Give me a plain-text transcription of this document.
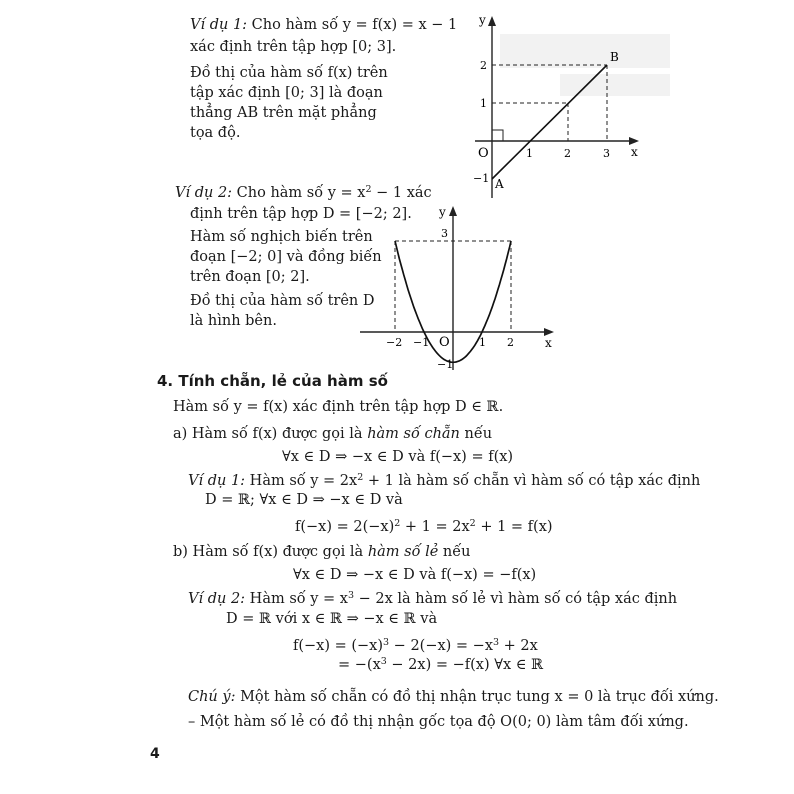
Ví dụ 1: Cho hàm số y = f(x) = x − 1
xác định trên tập hợp [0; 3].
Đồ thị của hàm số f(x) trên
tập xác định [0; 3] là đoạn
thẳng AB trên mặt phẳng
tọa độ.
y
x
O	1	2	3
2
1
−1 A
B
Ví dụ 2: Cho hàm số $y = x^2 - 1$ xác
định trên tập hợp D = [−2; 2].
Hàm số nghịch biến trên
đoạn [−2; 0] và đồng biến
trên đoạn [0; 2].
Đồ thị của hàm số trên D
là hình bên.
y
x
3
−2 −1 O	1 2
−1
4. Tính chẵn, lẻ của hàm số
Hàm số y = f(x) xác định trên tập hợp D ∈ ℝ.
a) Hàm số f(x) được gọi là hàm số chẵn nếu
∀x ∈ D ⇒ −x ∈ D và f(−x) = f(x)
Ví dụ 1: Hàm số $y = 2x^2 + 1$ là hàm số chẵn vì hàm số có tập xác định
D = ℝ; ∀x ∈ D ⇒ −x ∈ D và
$f(-x) = 2(-x)^2 + 1 = 2x^2 + 1 = f(x)$
b) Hàm số f(x) được gọi là hàm số lẻ nếu
∀x ∈ D ⇒ −x ∈ D và f(−x) = −f(x)
Ví dụ 2: Hàm số $y = x^3 - 2x$ là hàm số lẻ vì hàm số có tập xác định
D = ℝ với x ∈ ℝ ⇒ −x ∈ ℝ và
$f(-x) = (-x)^3 - 2(-x) = -x^3 + 2x$
= $-(x^3 - 2x) = -f(x)$ ∀x ∈ ℝ
Chú ý: Một hàm số chẵn có đồ thị nhận trục tung x = 0 là trục đối xứng.
– Một hàm số lẻ có đồ thị nhận gốc tọa độ O(0; 0) làm tâm đối xứng.
4
